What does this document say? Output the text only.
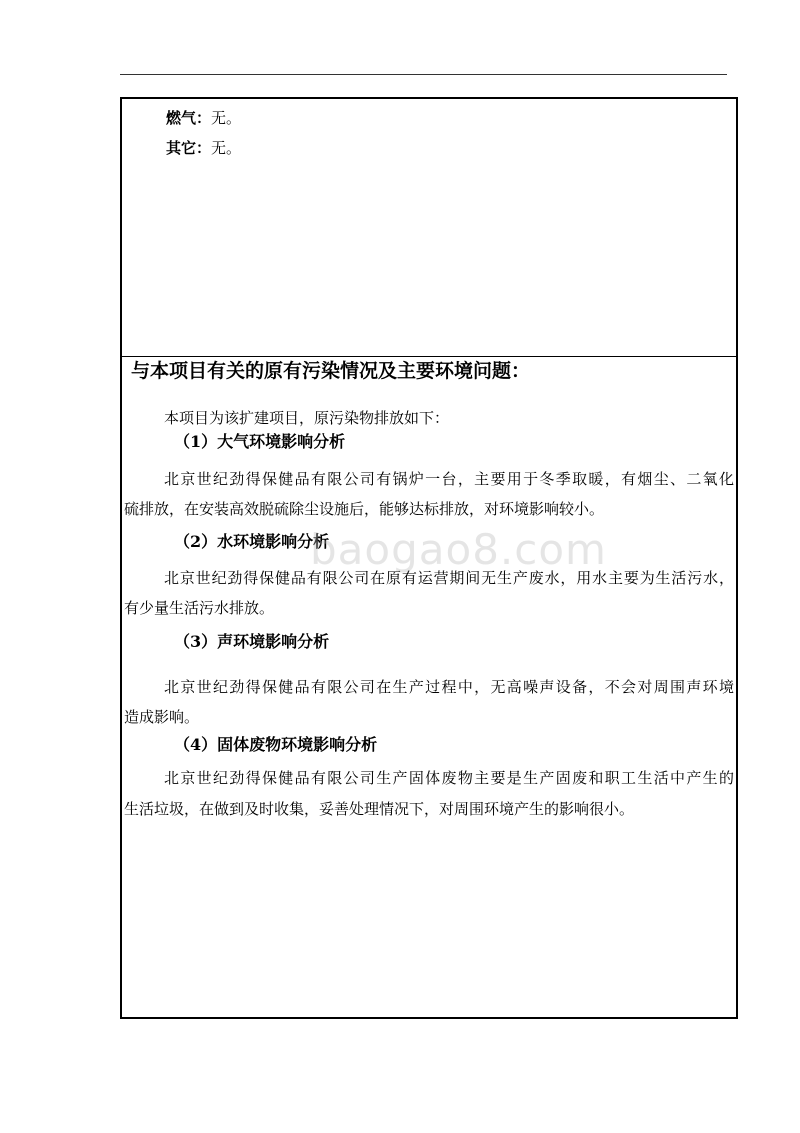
燃气：无。
其它：无。
与本项目有关的原有污染情况及主要环境问题：
本项目为该扩建项目，原污染物排放如下：
（1）大气环境影响分析
北京世纪劲得保健品有限公司有锅炉一台，主要用于冬季取暖，有烟尘、二氧化
硫排放，在安装高效脱硫除尘设施后，能够达标排放，对环境影响较小。
（2）水环境影响分析
北京世纪劲得保健品有限公司在原有运营期间无生产废水，用水主要为生活污水，
有少量生活污水排放。
（3）声环境影响分析
北京世纪劲得保健品有限公司在生产过程中，无高噪声设备，不会对周围声环境
造成影响。
（4）固体废物环境影响分析
北京世纪劲得保健品有限公司生产固体废物主要是生产固废和职工生活中产生的
生活垃圾，在做到及时收集，妥善处理情况下，对周围环境产生的影响很小。
baogao8.com
